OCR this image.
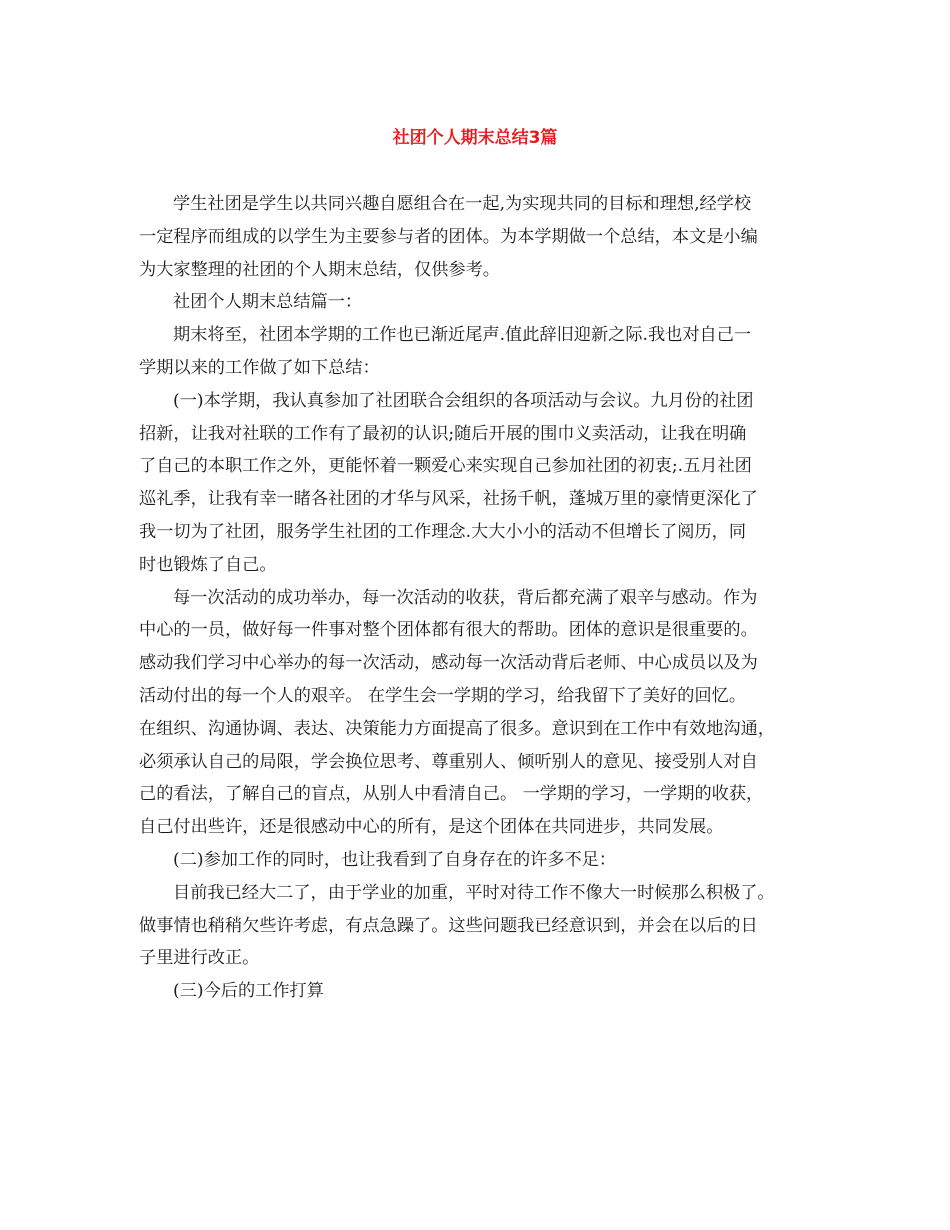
社团个人期末总结3篇
学生社团是学生以共同兴趣自愿组合在一起,为实现共同的目标和理想,经学校
一定程序而组成的以学生为主要参与者的团体。为本学期做一个总结，本文是小编
为大家整理的社团的个人期末总结，仅供参考。
社团个人期末总结篇一：
期末将至，社团本学期的工作也已渐近尾声.值此辞旧迎新之际.我也对自己一
学期以来的工作做了如下总结：
(一)本学期，我认真参加了社团联合会组织的各项活动与会议。九月份的社团
招新，让我对社联的工作有了最初的认识;随后开展的围巾义卖活动，让我在明确
了自己的本职工作之外，更能怀着一颗爱心来实现自己参加社团的初衷;.五月社团
巡礼季，让我有幸一睹各社团的才华与风采，社扬千帆，蓬城万里的豪情更深化了
我一切为了社团，服务学生社团的工作理念.大大小小的活动不但增长了阅历，同
时也锻炼了自己。
每一次活动的成功举办，每一次活动的收获，背后都充满了艰辛与感动。作为
中心的一员，做好每一件事对整个团体都有很大的帮助。团体的意识是很重要的。
感动我们学习中心举办的每一次活动，感动每一次活动背后老师、中心成员以及为
活动付出的每一个人的艰辛。 在学生会一学期的学习，给我留下了美好的回忆。
在组织、沟通协调、表达、决策能力方面提高了很多。意识到在工作中有效地沟通，
必须承认自己的局限，学会换位思考、尊重别人、倾听别人的意见、接受别人对自
己的看法，了解自己的盲点，从别人中看清自己。 一学期的学习，一学期的收获，
自己付出些许，还是很感动中心的所有，是这个团体在共同进步，共同发展。
(二)参加工作的同时，也让我看到了自身存在的许多不足：
目前我已经大二了，由于学业的加重，平时对待工作不像大一时候那么积极了。
做事情也稍稍欠些许考虑，有点急躁了。这些问题我已经意识到，并会在以后的日
子里进行改正。
(三)今后的工作打算
